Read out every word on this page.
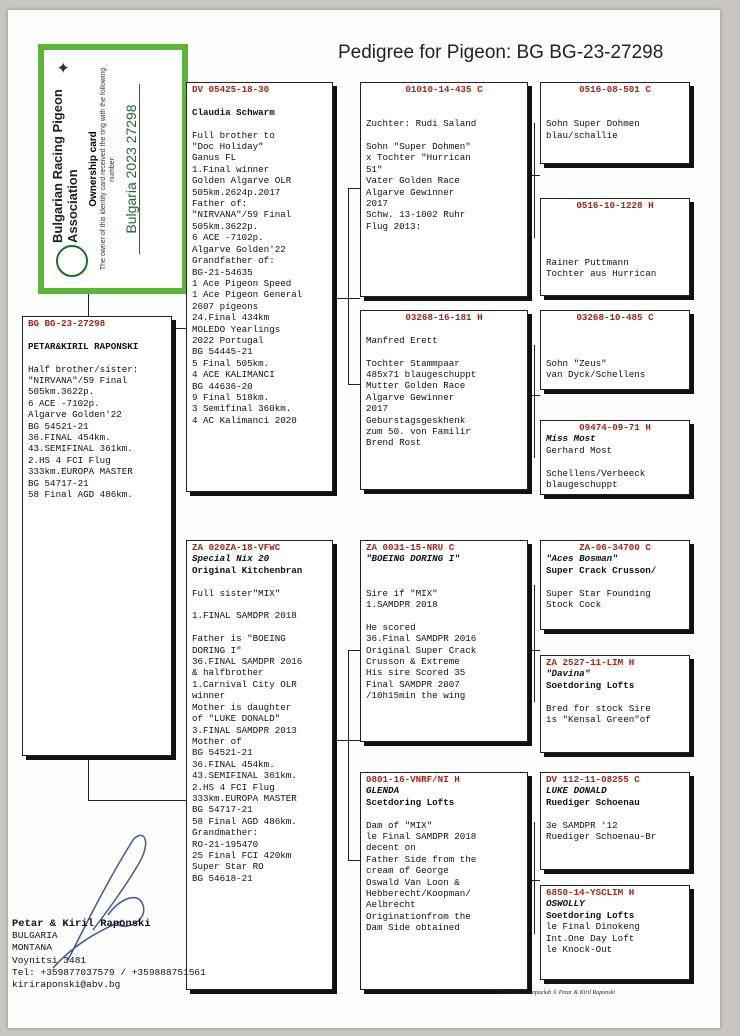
Pedigree for Pigeon: BG BG-23-27298
✦
Bulgarian Racing Pigeon Association Ownership card The owner of this identity card received the ring with the following number: Bulgaria 2023 27298
BG BG-23-27298

PETAR&KIRIL RAPONSKI

Half brother/sister:

"NIRVANA"/59 Final

505km.3622p.

6 ACE -7102p.

Algarve Golden'22

BG 54521-21

36.FINAL 454km.

43.SEMIFINAL 361km.

2.HS 4 FCI Flug

333km.EUROPA MASTER

BG 54717-21

58 Final AGD 486km.

DV 05425-18-30

Claudia Schwarm

Full brother to

"Doc Holiday"

Ganus FL

1.Final winner

Golden Algarve OLR

505km.2624p.2017

Father of:

"NIRVANA"/59 Final

505km.3622p.

6 ACE -7102p.

Algarve Golden'22

Grandfather of:

BG-21-54635

1 Ace Pigeon Speed

1 Ace Pigeon General

2607 pigeons

24.Final 434km

MOLEDO Yearlings

2022 Portugal

BG 54445-21

5 Final 505km.

4 ACE KALIMANCI

BG 44636-20

9 Final 518km.

3 Semifinal 360km.

4 AC Kalimanci 2020

ZA 020ZA-18-VFWC

Special Nix 20

Original Kitchenbran

Full sister"MIX"

1.FINAL SAMDPR 2018

Father is "BOEING

DORING I"

36.FINAL SAMDPR 2016

& halfbrother

1.Carnival City OLR

winner

Mother is daughter

of "LUKE DONALD"

3.FINAL SAMDPR 2013

Mother of

BG 54521-21

36.FINAL 454km.

43.SEMIFINAL 361km.

2.HS 4 FCI Flug

333km.EUROPA MASTER

BG 54717-21

58 Final AGD 486km.

Grandmather:

RO-21-195470

25 Final FCI 420km

Super Star RO

BG 54618-21

01010-14-435 C

Zuchter: Rudi Saland

Sohn "Super Dohmen"

x Tochter "Hurrican

51"

Vater Golden Race

Algarve Gewinner

2017

Schw. 13-1002 Ruhr

Flug 2013:

03268-16-181 H

Manfred Erett

Tochter Stammpaar

485x71 blaugeschuppt

Mutter Golden Race

Algarve Gewinner

2017

Geburstagsgeskhenk

zum 50. von Familir

Brend Rost

ZA 0031-15-NRU C

"BOEING DORING I"

Sire if "MIX"

1.SAMDPR 2018

He scored

36.Final SAMDPR 2016

Original Super Crack

Crusson & Extreme

His sire Scored 35

Final SAMDPR 2007

/10h15min the wing

0801-16-VNRF/NI H

GLENDA

Scetdoring Lofts

Dam of "MIX"

le Final SAMDPR 2018

decent on

Father Side from the

cream of George

Oswald Van Loon &

Hebberecht/Koopman/

Aelbrecht

Originationfrom the

Dam Side obtained

0516-08-501 C

Sohn Super Dohmen

blau/schallie

0516-10-1228 H

Rainer Puttmann

Tochter aus Hurrican

03268-10-485 C

Sohn "Zeus"

van Dyck/Schellens

09474-09-71 H

Miss Most

Gerhard Most

Schellens/Verbeeck

blaugeschuppt

ZA-06-34700 C

"Aces Bosman"

Super Crack Crusson/

Super Star Founding

Stock Cock

ZA 2527-11-LIM H

"Davina"

Soetdoring Lofts

Bred for stock Sire

is "Kensal Green"of

DV 112-11-08255 C

LUKE DONALD

Ruediger Schoenau

3e SAMDPR '12

Ruediger Schoenau-Br

6850-14-YSCLIM H

OSWOLLY

Soetdoring Lofts

le Final Dinokeng

Int.One Day Loft

le Knock-Out

Petar & Kiril Raponski
BULGARIA
MONTANA
Voynitsi 3481
Tel: +359877037579 / +359888751561
kiriraponski@abv.bg
07-09-2025 Compuclub © Petar & Kiril Raponski
